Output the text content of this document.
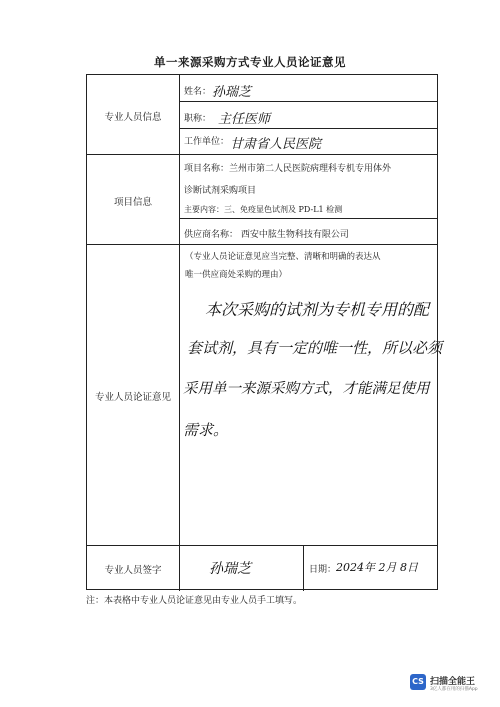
单一来源采购方式专业人员论证意见
专业人员信息
项目信息
专业人员论证意见
专业人员签字
姓名： 孙瑞芝
职称： 主任医师
工作单位： 甘肃省人民医院
项目名称：兰州市第二人民医院病理科专机专用体外
诊断试剂采购项目
主要内容：三、免疫显色试剂及 PD-L1 检测
供应商名称： 西安中胘生物科技有限公司
（专业人员论证意见应当完整、清晰和明确的表达从
唯一供应商处采购的理由）
本次采购的试剂为专机专用的配
套试剂，具有一定的唯一性，所以必须
采用单一来源采购方式，才能满足使用
需求。
孙瑞芝	日期： 2024年 2月 8日
注：本表格中专业人员论证意见由专业人员手工填写。
CS 扫描全能王
3亿人都在用的扫描App
